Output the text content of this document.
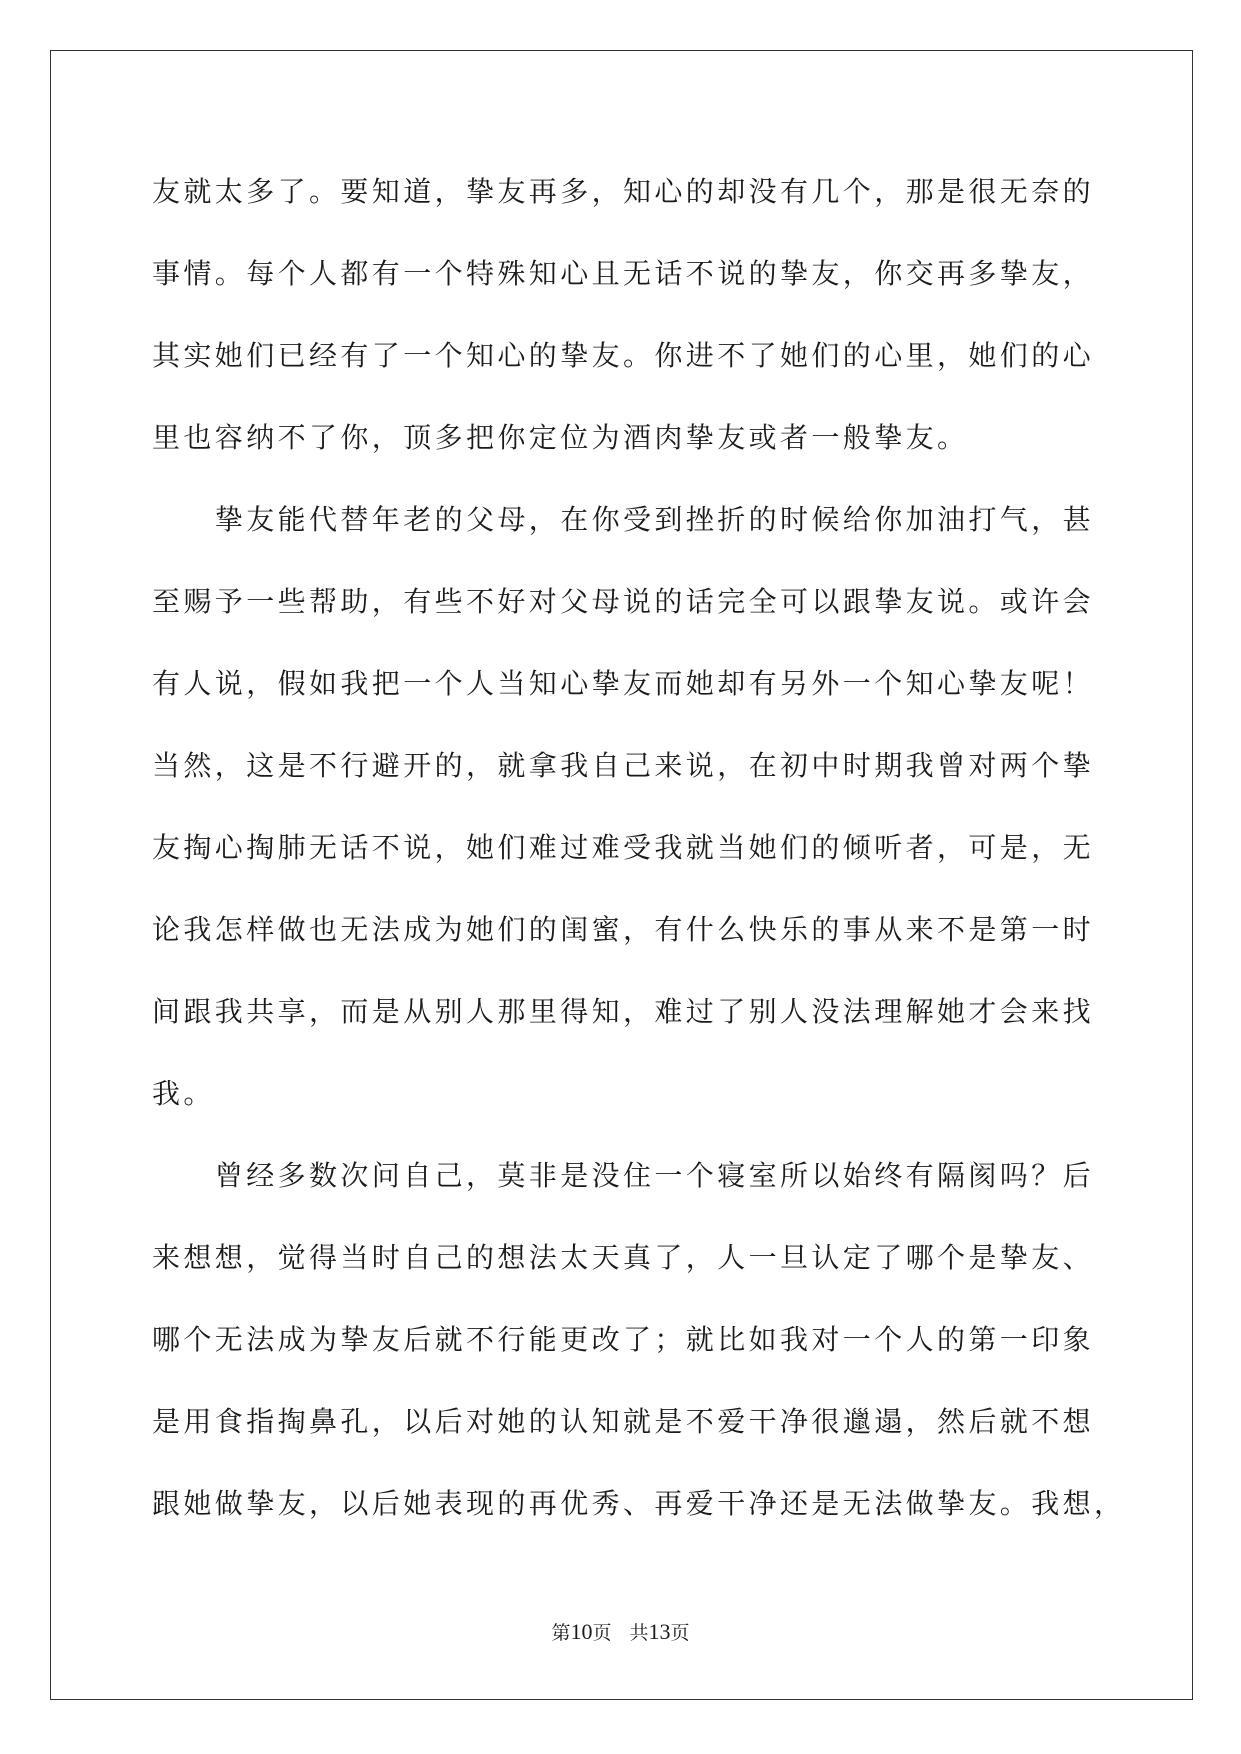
友就太多了。要知道，挚友再多，知心的却没有几个，那是很无奈的
事情。每个人都有一个特殊知心且无话不说的挚友，你交再多挚友，
其实她们已经有了一个知心的挚友。你进不了她们的心里，她们的心
里也容纳不了你，顶多把你定位为酒肉挚友或者一般挚友。
　　挚友能代替年老的父母，在你受到挫折的时候给你加油打气，甚
至赐予一些帮助，有些不好对父母说的话完全可以跟挚友说。或许会
有人说，假如我把一个人当知心挚友而她却有另外一个知心挚友呢！
当然，这是不行避开的，就拿我自己来说，在初中时期我曾对两个挚
友掏心掏肺无话不说，她们难过难受我就当她们的倾听者，可是，无
论我怎样做也无法成为她们的闺蜜，有什么快乐的事从来不是第一时
间跟我共享，而是从别人那里得知，难过了别人没法理解她才会来找
我。
　　曾经多数次问自己，莫非是没住一个寝室所以始终有隔阂吗？后
来想想，觉得当时自己的想法太天真了，人一旦认定了哪个是挚友、
哪个无法成为挚友后就不行能更改了；就比如我对一个人的第一印象
是用食指掏鼻孔，以后对她的认知就是不爱干净很邋遢，然后就不想
跟她做挚友，以后她表现的再优秀、再爱干净还是无法做挚友。我想，
第10页 共13页
